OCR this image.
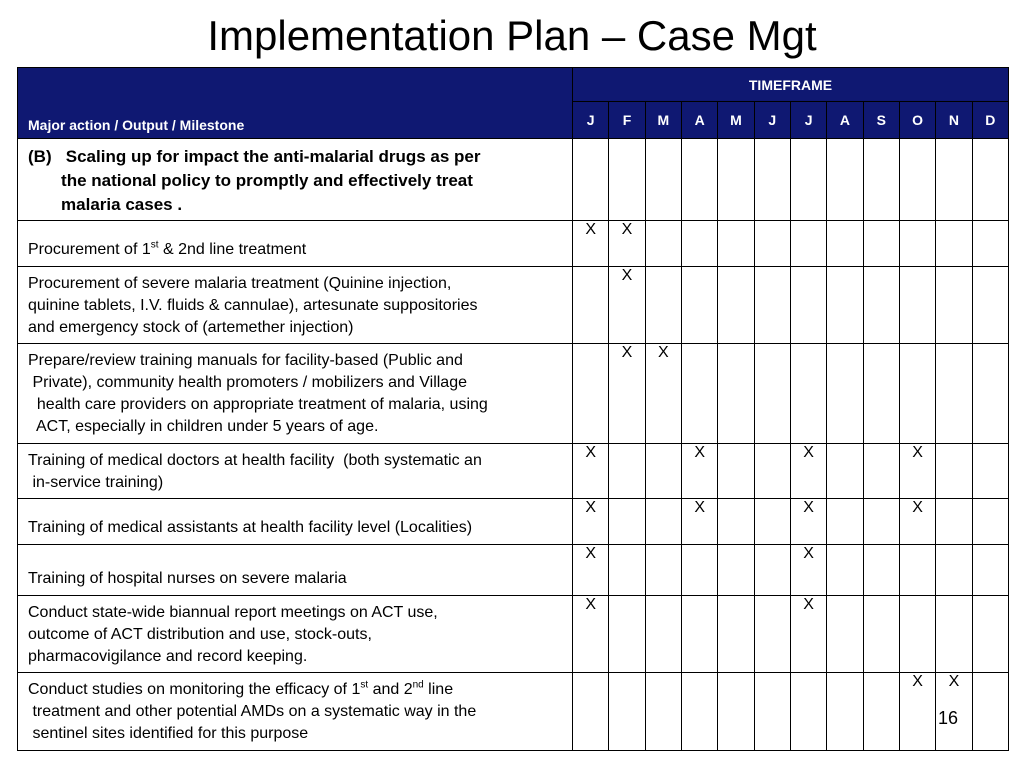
Implementation Plan – Case Mgt
Major action / Output / Milestone	TIMEFRAME											
	J	F	M	A	M	J	J	A	S	O	N	D

(B)   Scaling up for impact the anti-malarial drugs as per
the national policy to promptly and effectively treat
malaria cases .												

Procurement of 1st & 2nd line treatment	X	X										

Procurement of severe malaria treatment (Quinine injection,
quinine tablets, I.V. fluids & cannulae), artesunate suppositories
and emergency stock of (artemether injection)		X										

Prepare/review training manuals for facility-based (Public and
Private), community health promoters / mobilizers and Village
health care providers on appropriate treatment of malaria, using
ACT, especially in children under 5 years of age.		X	X									

Training of medical doctors at health facility  (both systematic an
in-service training)	X			X			X			X		

Training of medical assistants at health facility level (Localities)	X			X			X			X		

Training of hospital nurses on severe malaria	X						X					

Conduct state-wide biannual report meetings on ACT use,
outcome of ACT distribution and use, stock-outs,
pharmacovigilance and record keeping.	X						X					

Conduct studies on monitoring the efficacy of 1st and 2nd line
treatment and other potential AMDs on a systematic way in the
sentinel sites identified for this purpose										X	X	
16
